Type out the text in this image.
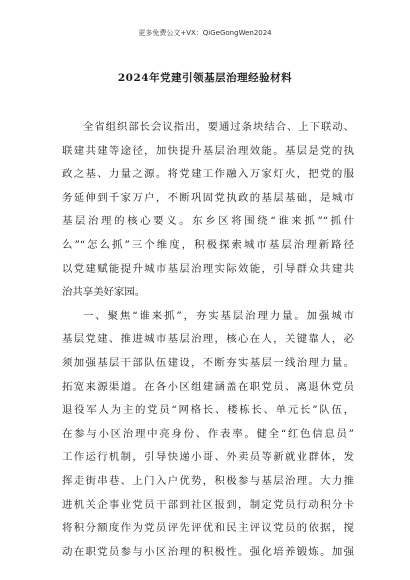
更多免费公文+VX：QiGeGongWen2024
2024年党建引领基层治理经验材料
全省组织部长会议指出，要通过条块结合、上下联动、
联建共建等途径，加快提升基层治理效能。基层是党的执
政之基、力量之源。将党建工作融入万家灯火，把党的服
务延伸到千家万户，不断巩固党执政的基层基础，是城市
基层治理的核心要义。东乡区将围绕“谁来抓”“抓什
么”“怎么抓”三个维度，积极探索城市基层治理新路径
以党建赋能提升城市基层治理实际效能，引导群众共建共
治共享美好家园。
一、聚焦“谁来抓”，夯实基层治理力量。加强城市
基层党建、推进城市基层治理，核心在人，关键靠人，必
须加强基层干部队伍建设，不断夯实基层一线治理力量。
拓宽来源渠道。在各小区组建涵盖在职党员、离退休党员
退役军人为主的党员“网格长、楼栋长、单元长”队伍，
在参与小区治理中亮身份、作表率。健全“红色信息员”
工作运行机制，引导快递小哥、外卖员等新就业群体，发
挥走街串巷、上门入户优势，积极参与基层治理。大力推
进机关企事业党员干部到社区报到，制定党员行动积分卡
将积分额度作为党员评先评优和民主评议党员的依据，搅
动在职党员参与小区治理的积极性。强化培养锻炼。加强
